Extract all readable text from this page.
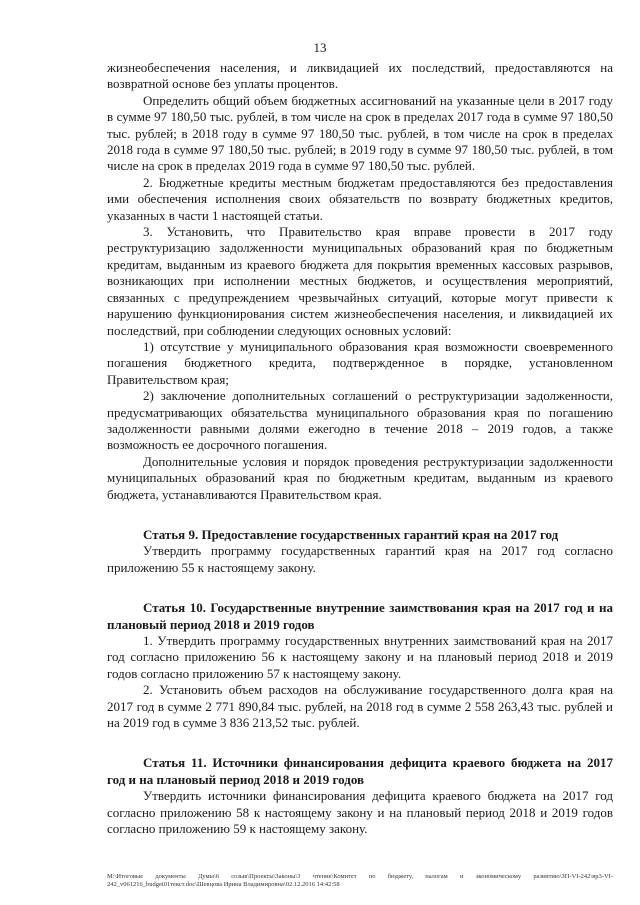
13

жизнеобеспечения населения, и ликвидацией их последствий, предоставляются на возвратной основе без уплаты процентов.

Определить общий объем бюджетных ассигнований на указанные цели в 2017 году в сумме 97 180,50 тыс. рублей, в том числе на срок в пределах 2017 года в сумме 97 180,50 тыс. рублей; в 2018 году в сумме 97 180,50 тыс. рублей, в том числе на срок в пределах 2018 года в сумме 97 180,50 тыс. рублей; в 2019 году в сумме 97 180,50 тыс. рублей, в том числе на срок в пределах 2019 года в сумме 97 180,50 тыс. рублей.

2. Бюджетные кредиты местным бюджетам предоставляются без предоставления ими обеспечения исполнения своих обязательств по возврату бюджетных кредитов, указанных в части 1 настоящей статьи.

3. Установить, что Правительство края вправе провести в 2017 году реструктуризацию задолженности муниципальных образований края по бюджетным кредитам, выданным из краевого бюджета для покрытия временных кассовых разрывов, возникающих при исполнении местных бюджетов, и осуществления мероприятий, связанных с предупреждением чрезвычайных ситуаций, которые могут привести к нарушению функционирования систем жизнеобеспечения населения, и ликвидацией их последствий, при соблюдении следующих основных условий:

1) отсутствие у муниципального образования края возможности своевременного погашения бюджетного кредита, подтвержденное в порядке, установленном Правительством края;

2) заключение дополнительных соглашений о реструктуризации задолженности, предусматривающих обязательства муниципального образования края по погашению задолженности равными долями ежегодно в течение 2018 – 2019 годов, а также возможность ее досрочного погашения.

Дополнительные условия и порядок проведения реструктуризации задолженности муниципальных образований края по бюджетным кредитам, выданным из краевого бюджета, устанавливаются Правительством края.

Статья 9. Предоставление государственных гарантий края на 2017 год

Утвердить программу государственных гарантий края на 2017 год согласно приложению 55 к настоящему закону.

Статья 10. Государственные внутренние заимствования края на 2017 год и на плановый период 2018 и 2019 годов

1. Утвердить программу государственных внутренних заимствований края на 2017 год согласно приложению 56 к настоящему закону и на плановый период 2018 и 2019 годов согласно приложению 57 к настоящему закону.

2. Установить объем расходов на обслуживание государственного долга края на 2017 год в сумме 2 771 890,84 тыс. рублей, на 2018 год в сумме 2 558 263,43 тыс. рублей и на 2019 год в сумме 3 836 213,52 тыс. рублей.

Статья 11. Источники финансирования дефицита краевого бюджета на 2017 год и на плановый период 2018 и 2019 годов

Утвердить источники финансирования дефицита краевого бюджета на 2017 год согласно приложению 58 к настоящему закону и на плановый период 2018 и 2019 годов согласно приложению 59 к настоящему закону.

M:\Итоговые документы Думы\6 созыв\Проекты\Законы\3 чтение\Комитет по бюджету, налогам и экономическому развитию\ЗП-VI-242\вр3-VI-242_v061216_budget01текст.doc\Шевцова Ирина Владимировна\02.12.2016 14:42:58
